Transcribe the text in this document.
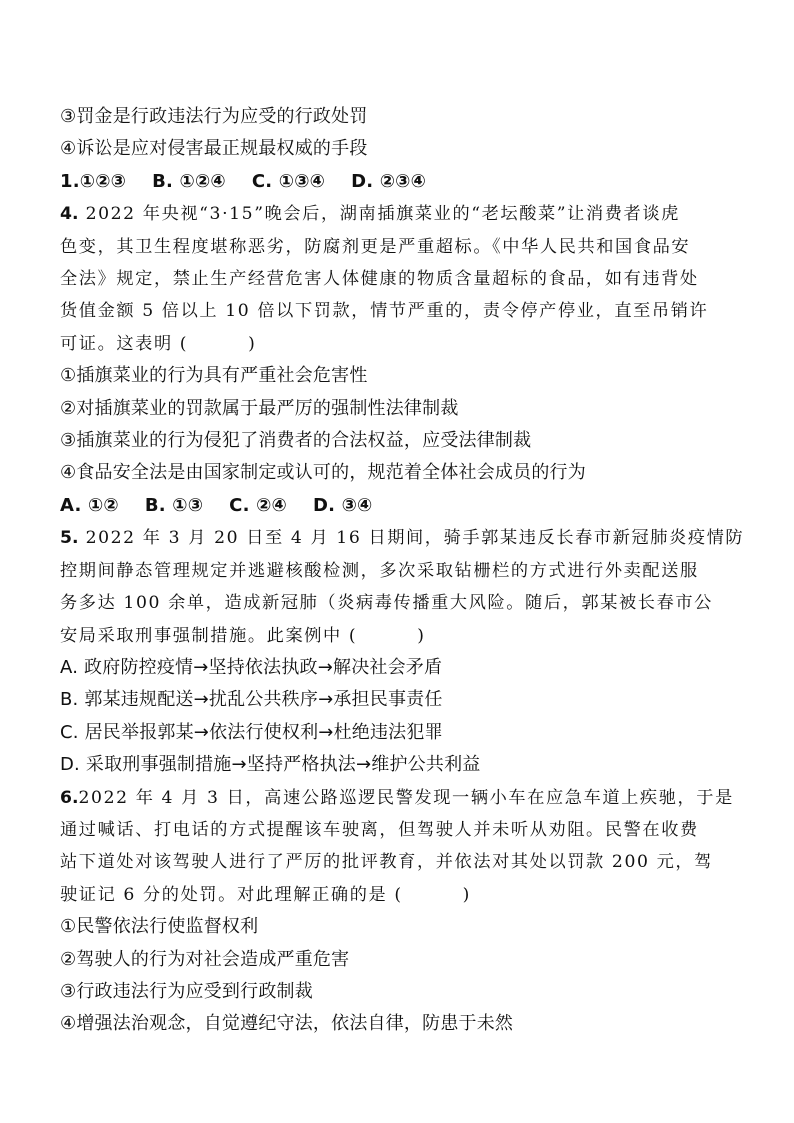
③罚金是行政违法行为应受的行政处罚
④诉讼是应对侵害最正规最权威的手段
1.①②③ B. ①②④ C. ①③④ D. ②③④
4. 2022 年央视“3·15”晚会后，湖南插旗菜业的“老坛酸菜”让消费者谈虎
色变，其卫生程度堪称恶劣，防腐剂更是严重超标。《中华人民共和国食品安
全法》规定，禁止生产经营危害人体健康的物质含量超标的食品，如有违背处
货值金额 5 倍以上 10 倍以下罚款，情节严重的，责令停产停业，直至吊销许
可证。这表明 (	)
①插旗菜业的行为具有严重社会危害性
②对插旗菜业的罚款属于最严厉的强制性法律制裁
③插旗菜业的行为侵犯了消费者的合法权益，应受法律制裁
④食品安全法是由国家制定或认可的，规范着全体社会成员的行为
A. ①② B. ①③ C. ②④ D. ③④
5. 2022 年 3 月 20 日至 4 月 16 日期间，骑手郭某违反长春市新冠肺炎疫情防
控期间静态管理规定并逃避核酸检测，多次采取钻栅栏的方式进行外卖配送服
务多达 100 余单，造成新冠肺（炎病毒传播重大风险。随后，郭某被长春市公
安局采取刑事强制措施。此案例中 (	)
A. 政府防控疫情→坚持依法执政→解决社会矛盾
B. 郭某违规配送→扰乱公共秩序→承担民事责任
C. 居民举报郭某→依法行使权利→杜绝违法犯罪
D. 采取刑事强制措施→坚持严格执法→维护公共利益
6.2022 年 4 月 3 日，高速公路巡逻民警发现一辆小车在应急车道上疾驰，于是
通过喊话、打电话的方式提醒该车驶离，但驾驶人并未听从劝阻。民警在收费
站下道处对该驾驶人进行了严厉的批评教育，并依法对其处以罚款 200 元，驾
驶证记 6 分的处罚。对此理解正确的是 (	)
①民警依法行使监督权利
②驾驶人的行为对社会造成严重危害
③行政违法行为应受到行政制裁
④增强法治观念，自觉遵纪守法，依法自律，防患于未然
